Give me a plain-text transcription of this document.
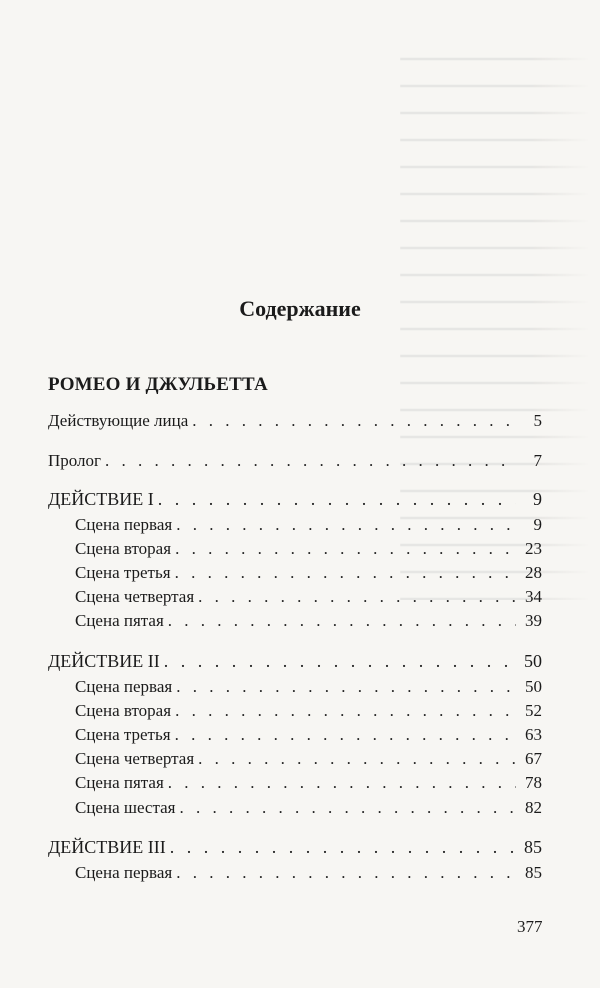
Содержание
РОМЕО И ДЖУЛЬЕТТА
Действующие лица . . .	5
Пролог . . .	7
ДЕЙСТВИЕ I . . .	9
Сцена первая . . .	9
Сцена вторая . . .	23
Сцена третья . . .	28
Сцена четвертая . . .	34
Сцена пятая . . .	39
ДЕЙСТВИЕ II . . .	50
Сцена первая . . .	50
Сцена вторая . . .	52
Сцена третья . . .	63
Сцена четвертая . . .	67
Сцена пятая . . .	78
Сцена шестая . . .	82
ДЕЙСТВИЕ III . . .	85
Сцена первая . . .	85
377
